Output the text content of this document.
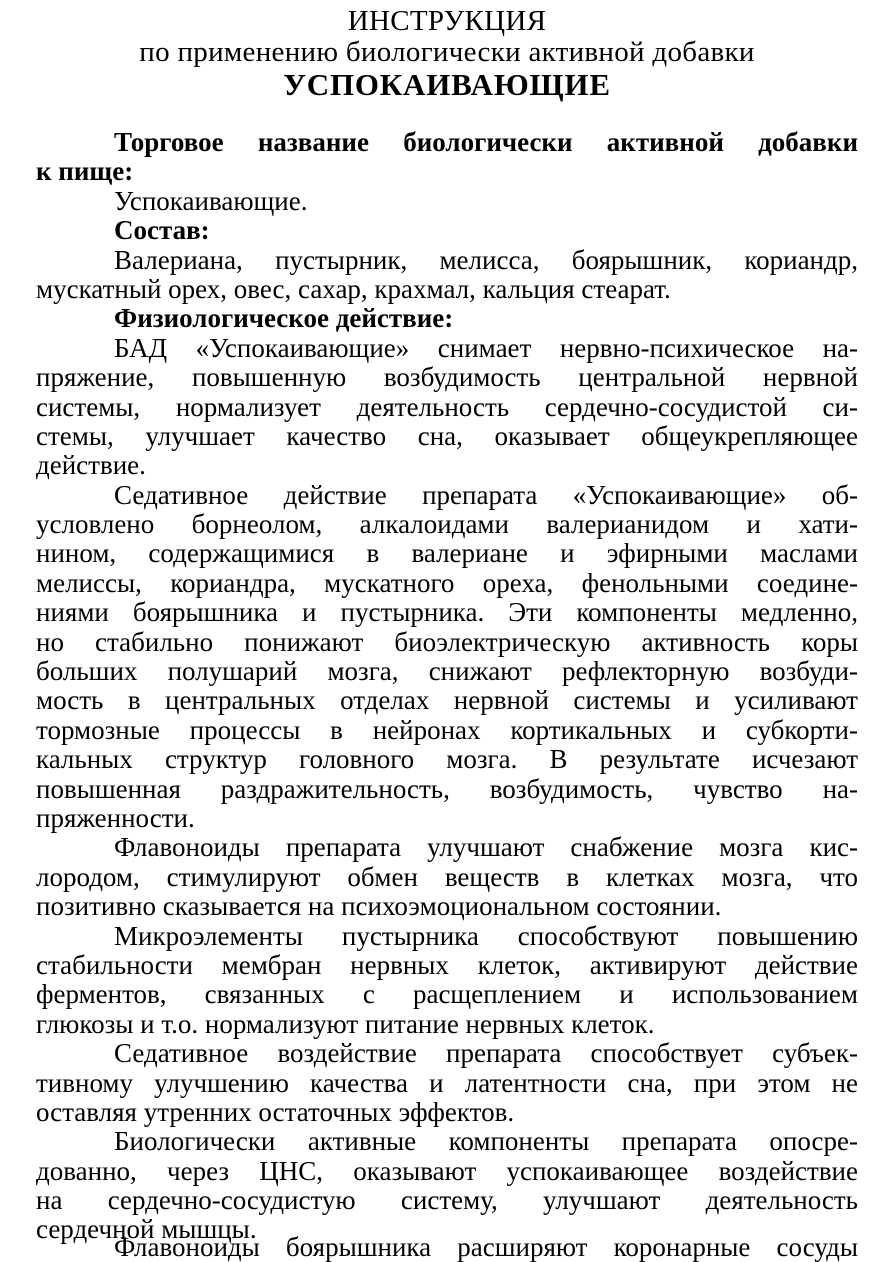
ИНСТРУКЦИЯ
по применению биологически активной добавки
УСПОКАИВАЮЩИЕ
Торговое название биологически активной добавки
к пище:
Успокаивающие.
Состав:
Валериана, пустырник, мелисса, боярышник, кориандр,
мускатный орех, овес, сахар, крахмал, кальция стеарат.
Физиологическое действие:
БАД «Успокаивающие» снимает нервно-психическое на-
пряжение, повышенную возбудимость центральной нервной
системы, нормализует деятельность сердечно-сосудистой си-
стемы, улучшает качество сна, оказывает общеукрепляющее
действие.
Седативное действие препарата «Успокаивающие» об-
условлено борнеолом, алкалоидами валерианидом и хати-
нином, содержащимися в валериане и эфирными маслами
мелиссы, кориандра, мускатного ореха, фенольными соедине-
ниями боярышника и пустырника. Эти компоненты медленно,
но стабильно понижают биоэлектрическую активность коры
больших полушарий мозга, снижают рефлекторную возбуди-
мость в центральных отделах нервной системы и усиливают
тормозные процессы в нейронах кортикальных и субкорти-
кальных структур головного мозга. В результате исчезают
повышенная раздражительность, возбудимость, чувство на-
пряженности.
Флавоноиды препарата улучшают снабжение мозга кис-
лородом, стимулируют обмен веществ в клетках мозга, что
позитивно сказывается на психоэмоциональном состоянии.
Микроэлементы пустырника способствуют повышению
стабильности мембран нервных клеток, активируют действие
ферментов, связанных с расщеплением и использованием
глюкозы и т.о. нормализуют питание нервных клеток.
Седативное воздействие препарата способствует субъек-
тивному улучшению качества и латентности сна, при этом не
оставляя утренних остаточных эффектов.
Биологически активные компоненты препарата опосре-
дованно, через ЦНС, оказывают успокаивающее воздействие
на сердечно-сосудистую систему, улучшают деятельность
сердечной мышцы.
Флавоноиды боярышника расширяют коронарные сосуды
